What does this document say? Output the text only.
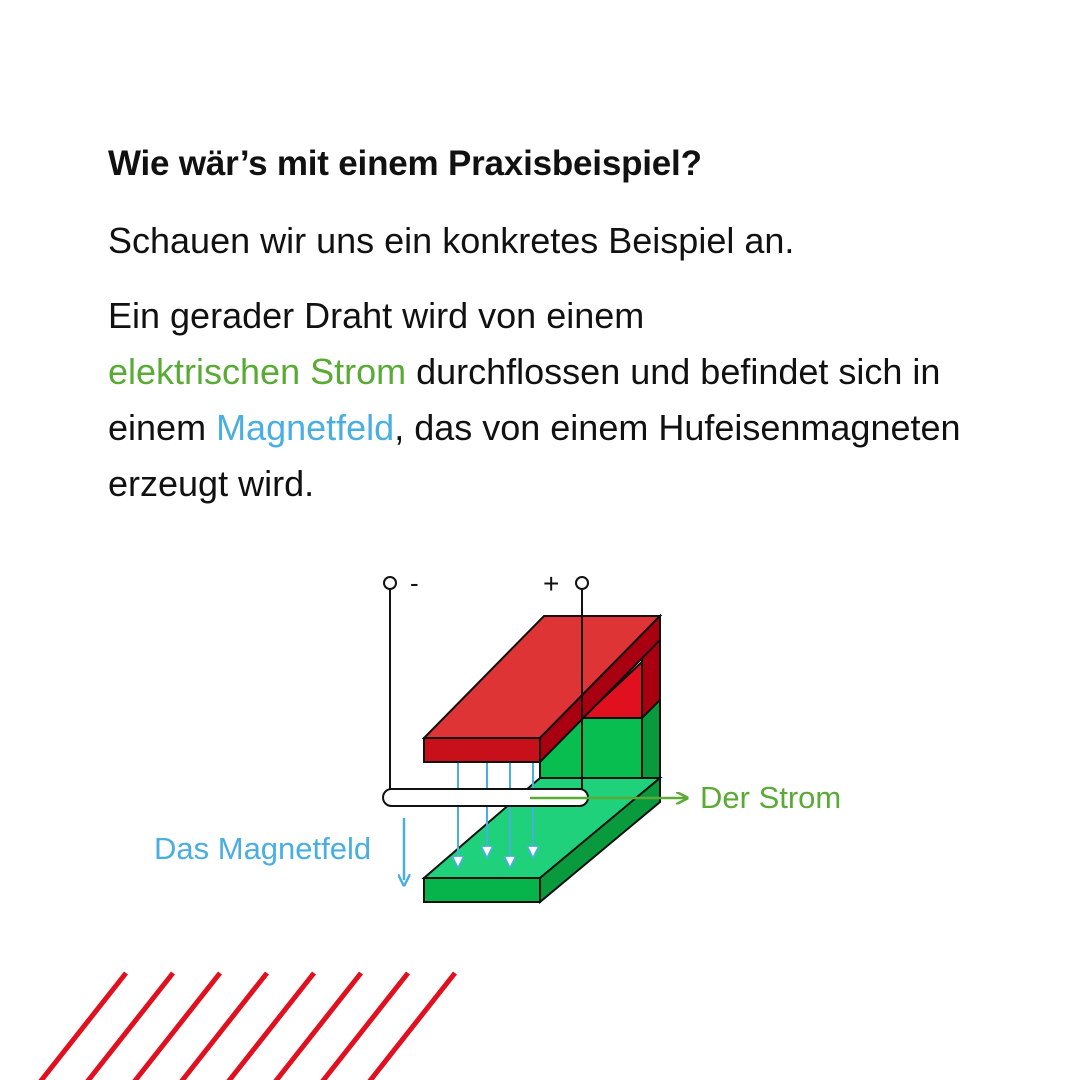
Wie wär’s mit einem Praxisbeispiel?

Schauen wir uns ein konkretes Beispiel an.

Ein gerader Draht wird von einem
elektrischen Strom durchflossen und befindet sich in einem Magnetfeld, das von einem Hufeisenmagneten erzeugt wird.

-	+
Der Strom
Das Magnetfeld
